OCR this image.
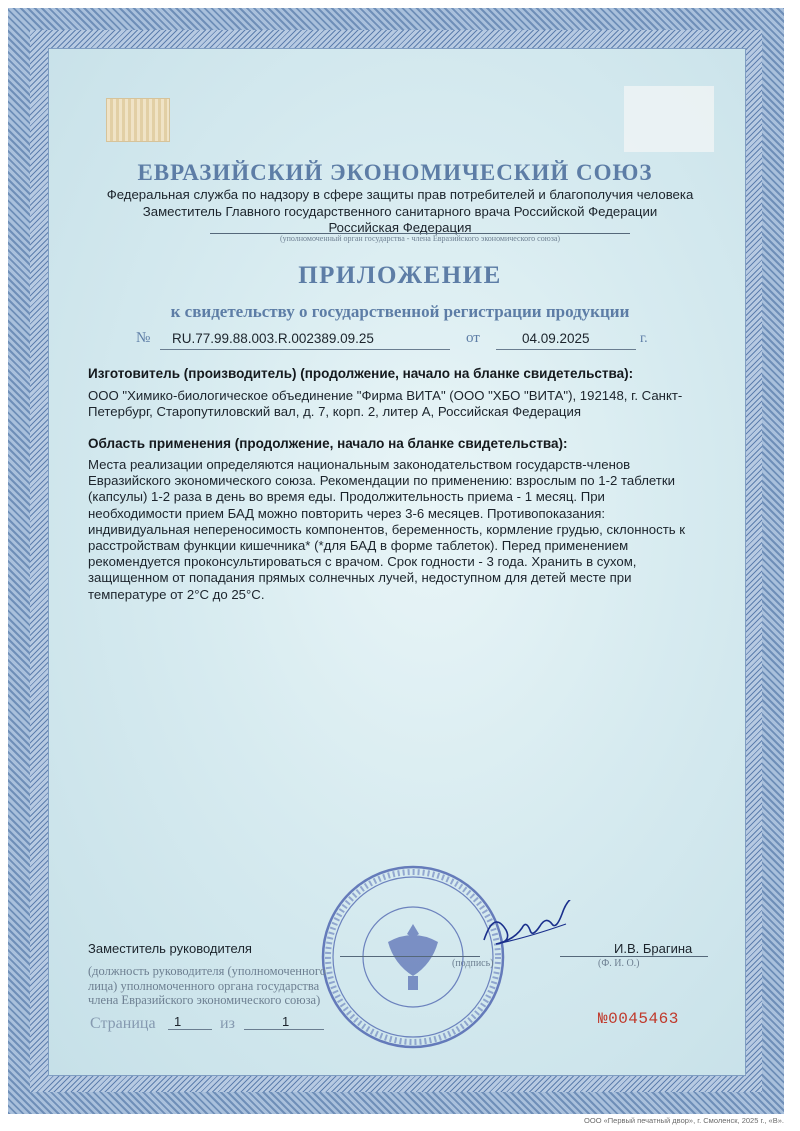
ЕВРАЗИЙСКИЙ ЭКОНОМИЧЕСКИЙ СОЮЗ
Федеральная служба по надзору в сфере защиты прав потребителей и благополучия человека
Заместитель Главного государственного санитарного врача Российской Федерации
Российская Федерация
(уполномоченный орган государства - члена Евразийского экономического союза)
ПРИЛОЖЕНИЕ
к свидетельству о государственной регистрации продукции
№ RU.77.99.88.003.R.002389.09.25	от	04.09.2025	г.
Изготовитель (производитель) (продолжение, начало на бланке свидетельства):
ООО "Химико-биологическое объединение "Фирма ВИТА" (ООО "ХБО "ВИТА"), 192148, г. Санкт-
Петербург, Старопутиловский вал, д. 7, корп. 2, литер А, Российская Федерация
Область применения (продолжение, начало на бланке свидетельства):
Места реализации определяются национальным законодательством государств-членов
Евразийского экономического союза. Рекомендации по применению: взрослым по 1-2 таблетки
(капсулы) 1-2 раза в день во время еды. Продолжительность приема - 1 месяц. При
необходимости прием БАД можно повторить через 3-6 месяцев. Противопоказания:
индивидуальная непереносимость компонентов, беременность, кормление грудью, склонность к
расстройствам функции кишечника* (*для БАД в форме таблеток). Перед применением
рекомендуется проконсультироваться с врачом. Срок годности - 3 года. Хранить в сухом,
защищенном от попадания прямых солнечных лучей, недоступном для детей месте при
температуре от 2°С до 25°С.
Заместитель руководителя
(подпись)
И.В. Брагина
(Ф. И. О.)
(должность руководителя (уполномоченного
лица) уполномоченного органа государства
члена Евразийского экономического союза)
Страница 1 из	1	№0045463
ООО «Первый печатный двор», г. Смоленск, 2025 г., «В».
